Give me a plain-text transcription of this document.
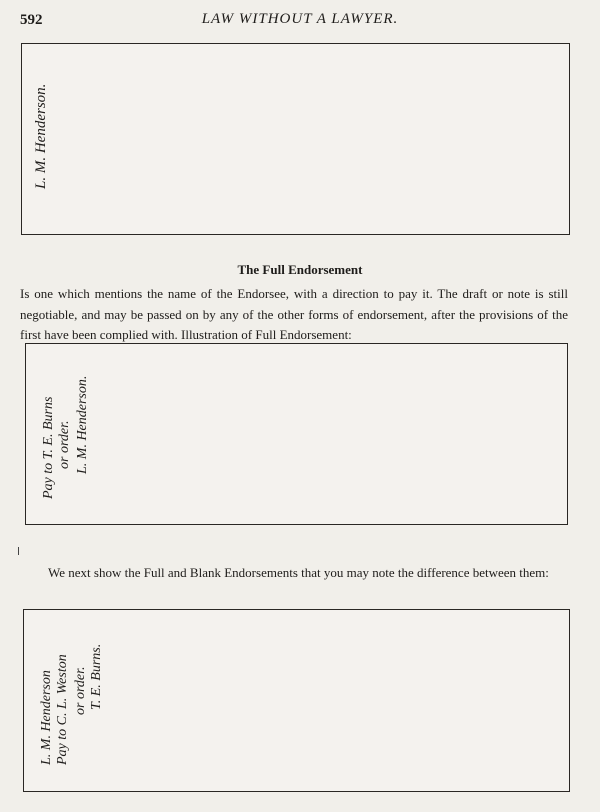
592	LAW WITHOUT A LAWYER.
L. M. Henderson.
The Full Endorsement

Is one which mentions the name of the Endorsee, with a direction to pay it. The draft or note is still negotiable, and may be passed on by any of the other forms of endorsement, after the provisions of the first have been complied with. Illustration of Full Endorsement:

Pay to T. E. Burns or order. L. M. Henderson.

We next show the Full and Blank Endorsements that you may note the difference between them:

L. M. Henderson Pay to C. L. Weston or order. T. E. Burns.
